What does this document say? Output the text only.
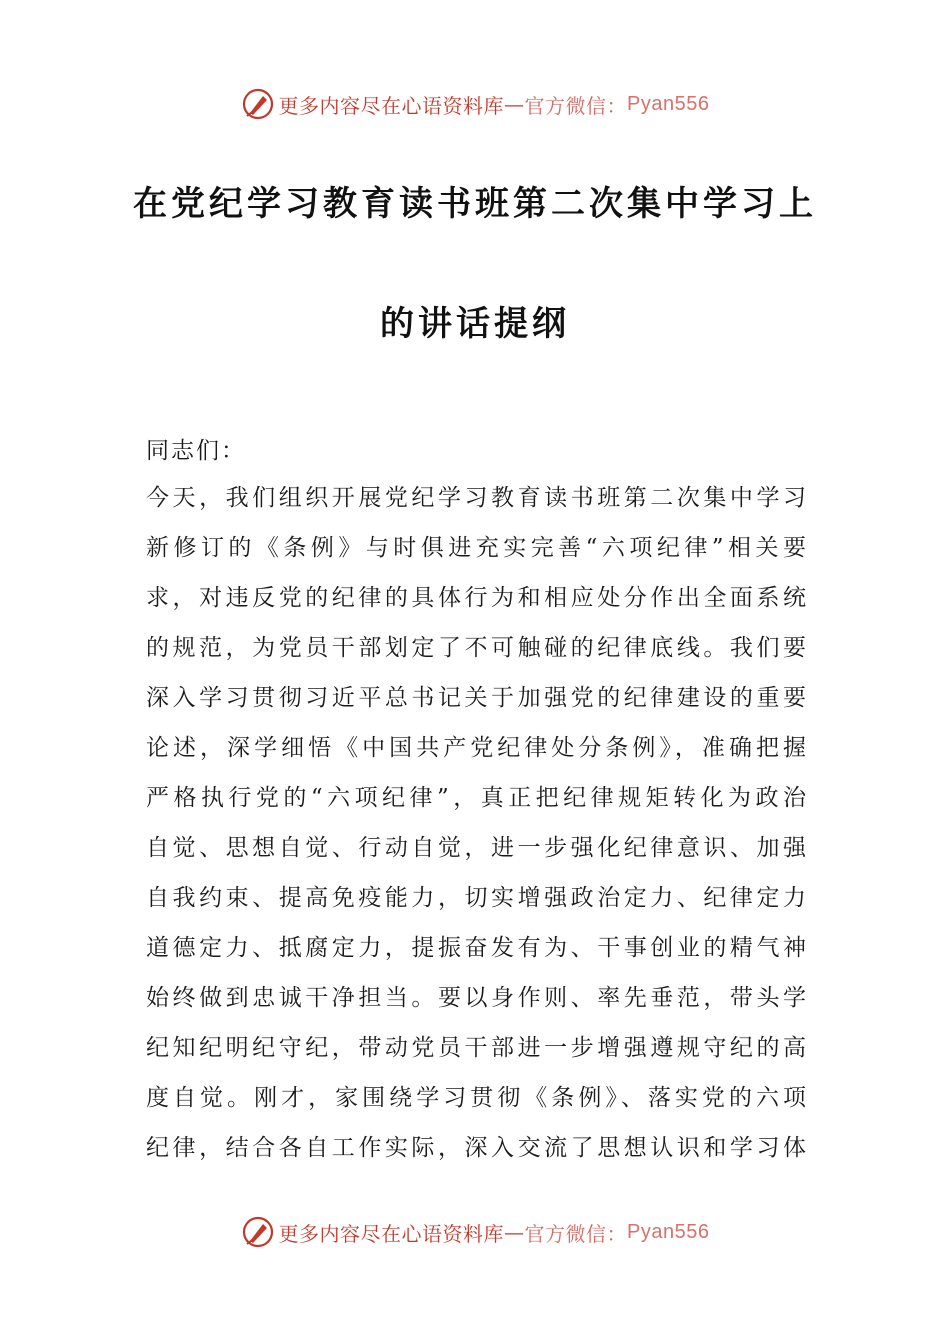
更多内容尽在心语资料库 — 官方微信： Pyan556
在党纪学习教育读书班第二次集中学习上
的讲话提纲
同志们：
今天，我们组织开展党纪学习教育读书班第二次集中学习
新修订的《条例》与时俱进充实完善“六项纪律”相关要
求，对违反党的纪律的具体行为和相应处分作出全面系统
的规范，为党员干部划定了不可触碰的纪律底线。我们要
深入学习贯彻习近平总书记关于加强党的纪律建设的重要
论述，深学细悟《中国共产党纪律处分条例》，准确把握
严格执行党的“六项纪律”，真正把纪律规矩转化为政治
自觉、思想自觉、行动自觉，进一步强化纪律意识、加强
自我约束、提高免疫能力，切实增强政治定力、纪律定力
道德定力、抵腐定力，提振奋发有为、干事创业的精气神
始终做到忠诚干净担当。要以身作则、率先垂范，带头学
纪知纪明纪守纪，带动党员干部进一步增强遵规守纪的高
度自觉。刚才，家围绕学习贯彻《条例》、落实党的六项
纪律，结合各自工作实际，深入交流了思想认识和学习体
更多内容尽在心语资料库 — 官方微信： Pyan556
